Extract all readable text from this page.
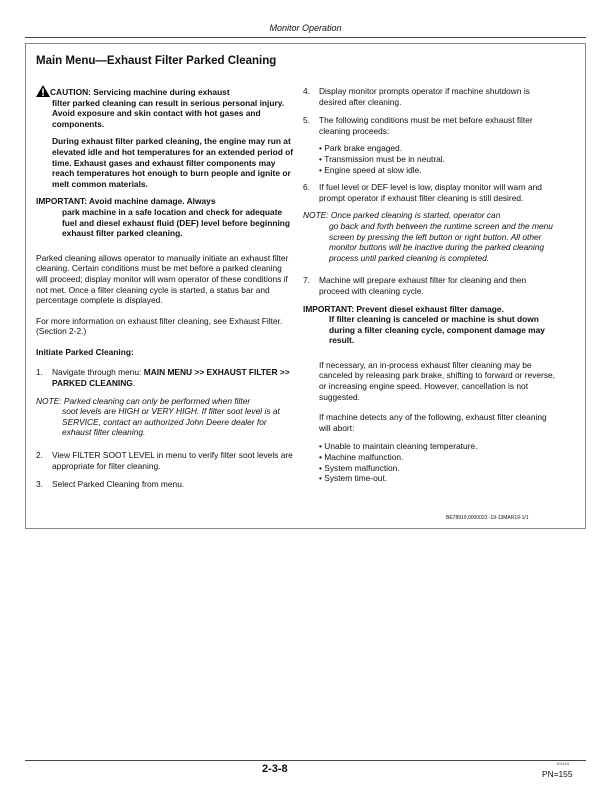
Monitor Operation
Main Menu—Exhaust Filter Parked Cleaning

CAUTION: Servicing machine during exhaust

filter parked cleaning can result in serious personal injury. Avoid exposure and skin contact with hot gases and components.

During exhaust filter parked cleaning, the engine may run at elevated idle and hot temperatures for an extended period of time. Exhaust gases and exhaust filter components may reach temperatures hot enough to burn people and ignite or melt common materials.

IMPORTANT: Avoid machine damage. Always

park machine in a safe location and check for adequate fuel and diesel exhaust fluid (DEF) level before beginning exhaust filter parked cleaning.

Parked cleaning allows operator to manually initiate an exhaust filter cleaning. Certain conditions must be met before a parked cleaning will proceed; display monitor will warn operator of these conditions if not met. Once a filter cleaning cycle is started, a status bar and percentage complete is displayed.

For more information on exhaust filter cleaning, see Exhaust Filter. (Section 2-2.)

Initiate Parked Cleaning:

1.	Navigate through menu: MAIN MENU >> EXHAUST FILTER >> PARKED CLEANING.

NOTE: Parked cleaning can only be performed when filter

soot levels are HIGH or VERY HIGH. If filter soot level is at SERVICE, contact an authorized John Deere dealer for exhaust filter cleaning.

2.	View FILTER SOOT LEVEL in menu to verify filter soot levels are appropriate for filter cleaning.
3.	Select Parked Cleaning from menu.
4.	Display monitor prompts operator if machine shutdown is desired after cleaning.
5.	The following conditions must be met before exhaust filter cleaning proceeds:
• Park brake engaged.
• Transmission must be in neutral.
• Engine speed at slow idle.
6.	If fuel level or DEF level is low, display monitor will warn and prompt operator if exhaust filter cleaning is still desired.

NOTE: Once parked cleaning is started, operator can

go back and forth between the runtime screen and the menu screen by pressing the left button or right button. All other monitor buttons will be inactive during the parked cleaning process until parked cleaning is completed.

7.	Machine will prepare exhaust filter for cleaning and then proceed with cleaning cycle.

IMPORTANT: Prevent diesel exhaust filter damage.

If filter cleaning is canceled or machine is shut down during a filter cleaning cycle, component damage may result.

If necessary, an in-process exhaust filter cleaning may be canceled by releasing park brake, shifting to forward or reverse, or increasing engine speed. However, cancellation is not suggested.

If machine detects any of the following, exhaust filter cleaning will abort:

• Unable to maintain cleaning temperature.
• Machine malfunction.
• System malfunction.
• System time-out.
BE78919,0000023 -19-13MAR19-1/1
2-3-8	101124
PN=155
